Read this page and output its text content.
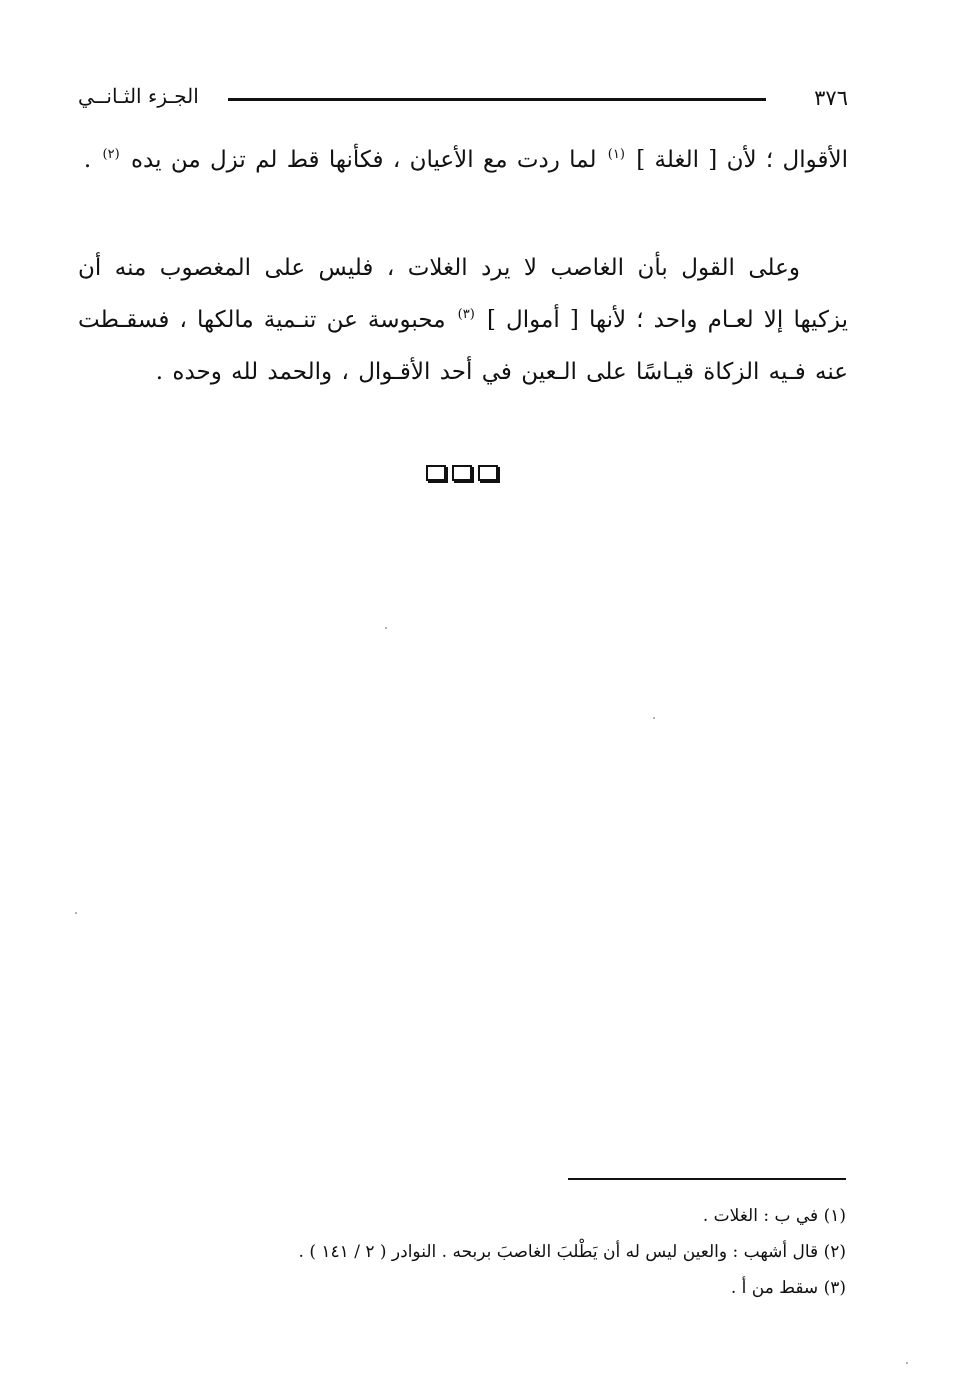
٣٧٦
الجـزء الثـانــي
الأقوال ؛ لأن [ الغلة ] $^{(١)}$ لما ردت مع الأعيان ، فكأنها قط لم تزل من يده $^{(٢)}$ .
وعلى القول بأن الغاصب لا يرد الغلات ، فليس على المغصوب منه أن يزكيها إلا لعـام واحد ؛ لأنها [ أموال ] $^{(٣)}$ محبوسة عن تنـمية مالكها ، فسقـطت عنه فـيه الزكاة قيـاسًا على الـعين في أحد الأقـوال ، والحمد لله وحده .
(١) في ب : الغلات .
(٢) قال أشهب : والعين ليس له أن يَطْلبَ الغاصبَ بربحه . النوادر ( ٢ / ١٤١ ) .
(٣) سقط من أ .
